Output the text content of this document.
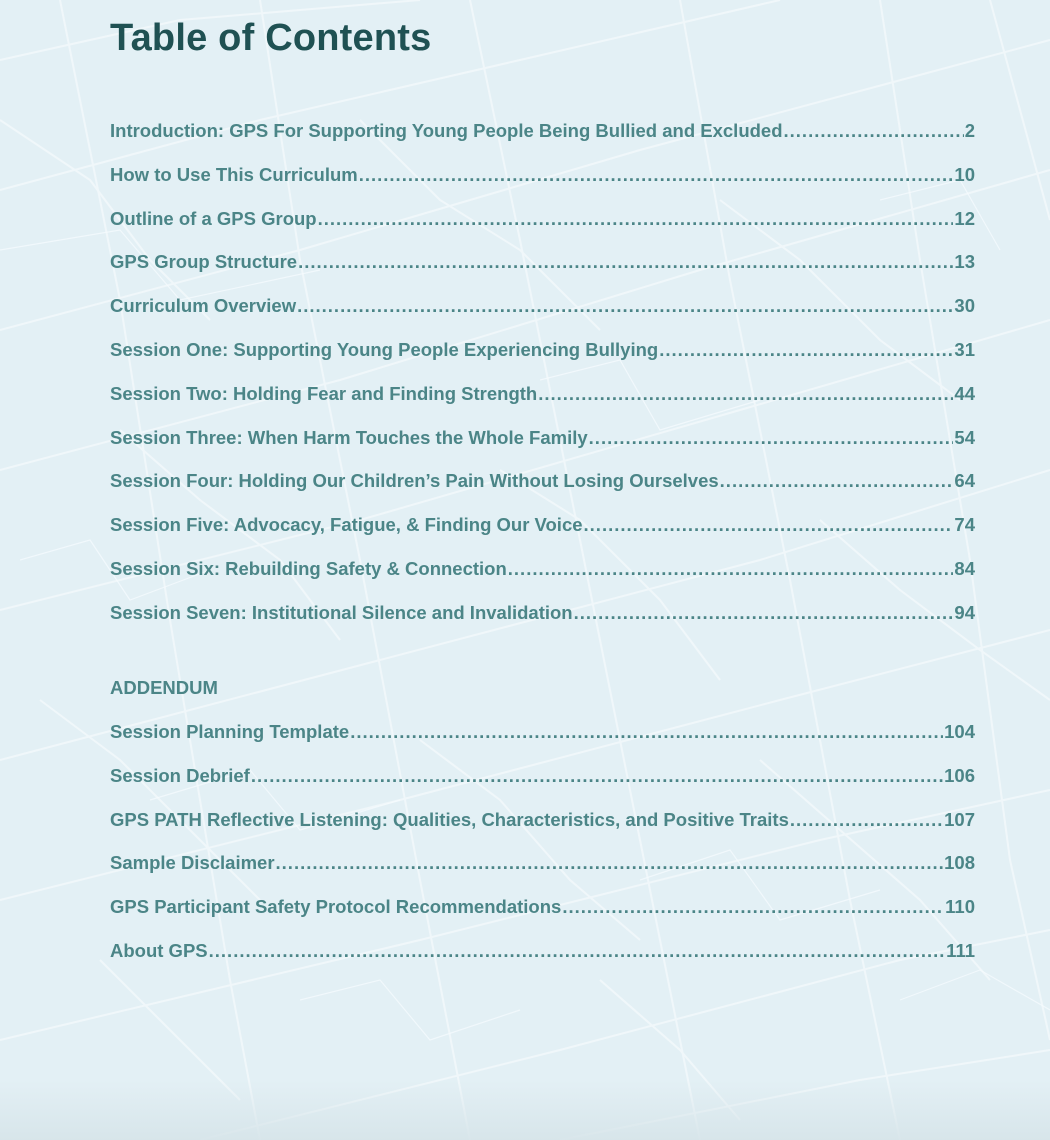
Table of Contents
Introduction: GPS For Supporting Young People Being Bullied and Excluded .....	2
How to Use This Curriculum .....	10
Outline of a GPS Group .....	12
GPS Group Structure .....	13
Curriculum Overview .....	30
Session One: Supporting Young People Experiencing Bullying .....	31
Session Two: Holding Fear and Finding Strength .....	44
Session Three: When Harm Touches the Whole Family .....	54
Session Four: Holding Our Children’s Pain Without Losing Ourselves .....	64
Session Five: Advocacy, Fatigue, & Finding Our Voice .....	74
Session Six: Rebuilding Safety & Connection .....	84
Session Seven: Institutional Silence and Invalidation .....	94
ADDENDUM
Session Planning Template .....	104
Session Debrief .....	106
GPS PATH Reflective Listening: Qualities, Characteristics, and Positive Traits .....	107
Sample Disclaimer .....	108
GPS Participant Safety Protocol Recommendations .....	110
About GPS .....	111
